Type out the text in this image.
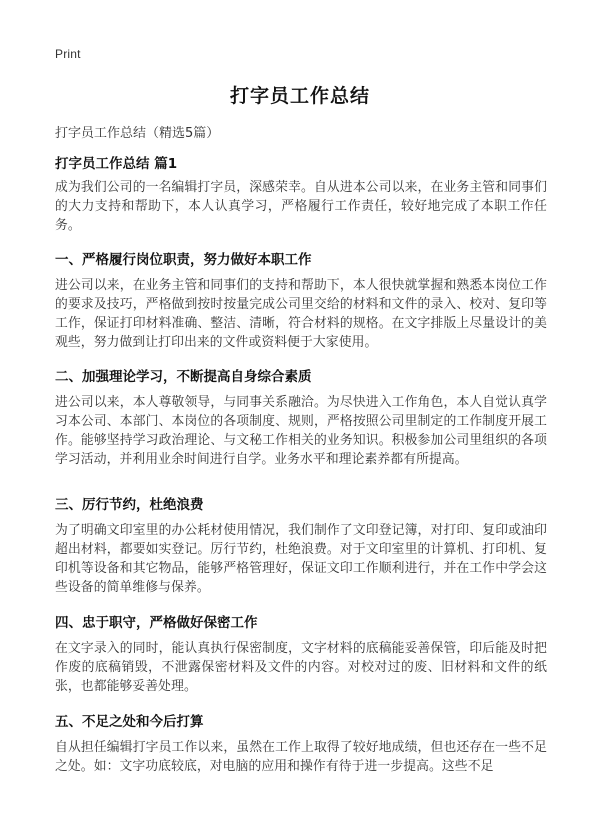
Print
打字员工作总结
打字员工作总结（精选5篇）
打字员工作总结 篇1
成为我们公司的一名编辑打字员，深感荣幸。自从进本公司以来，在业务主管和同事们的大力支持和帮助下，本人认真学习，严格履行工作责任，较好地完成了本职工作任务。
一、严格履行岗位职责，努力做好本职工作
进公司以来，在业务主管和同事们的支持和帮助下，本人很快就掌握和熟悉本岗位工作的要求及技巧，严格做到按时按量完成公司里交给的材料和文件的录入、校对、复印等工作，保证打印材料准确、整洁、清晰，符合材料的规格。在文字排版上尽量设计的美观些，努力做到让打印出来的文件或资料便于大家使用。
二、加强理论学习，不断提高自身综合素质
进公司以来，本人尊敬领导，与同事关系融洽。为尽快进入工作角色，本人自觉认真学习本公司、本部门、本岗位的各项制度、规则，严格按照公司里制定的工作制度开展工作。能够坚持学习政治理论、与文秘工作相关的业务知识。积极参加公司里组织的各项学习活动，并利用业余时间进行自学。业务水平和理论素养都有所提高。
三、厉行节约，杜绝浪费
为了明确文印室里的办公耗材使用情况，我们制作了文印登记簿，对打印、复印或油印超出材料，都要如实登记。厉行节约，杜绝浪费。对于文印室里的计算机、打印机、复印机等设备和其它物品，能够严格管理好，保证文印工作顺利进行，并在工作中学会这些设备的简单维修与保养。
四、忠于职守，严格做好保密工作
在文字录入的同时，能认真执行保密制度，文字材料的底稿能妥善保管，印后能及时把作废的底稿销毁，不泄露保密材料及文件的内容。对校对过的废、旧材料和文件的纸张，也都能够妥善处理。
五、不足之处和今后打算
自从担任编辑打字员工作以来，虽然在工作上取得了较好地成绩，但也还存在一些不足之处。如：文字功底较底，对电脑的应用和操作有待于进一步提高。这些不足
